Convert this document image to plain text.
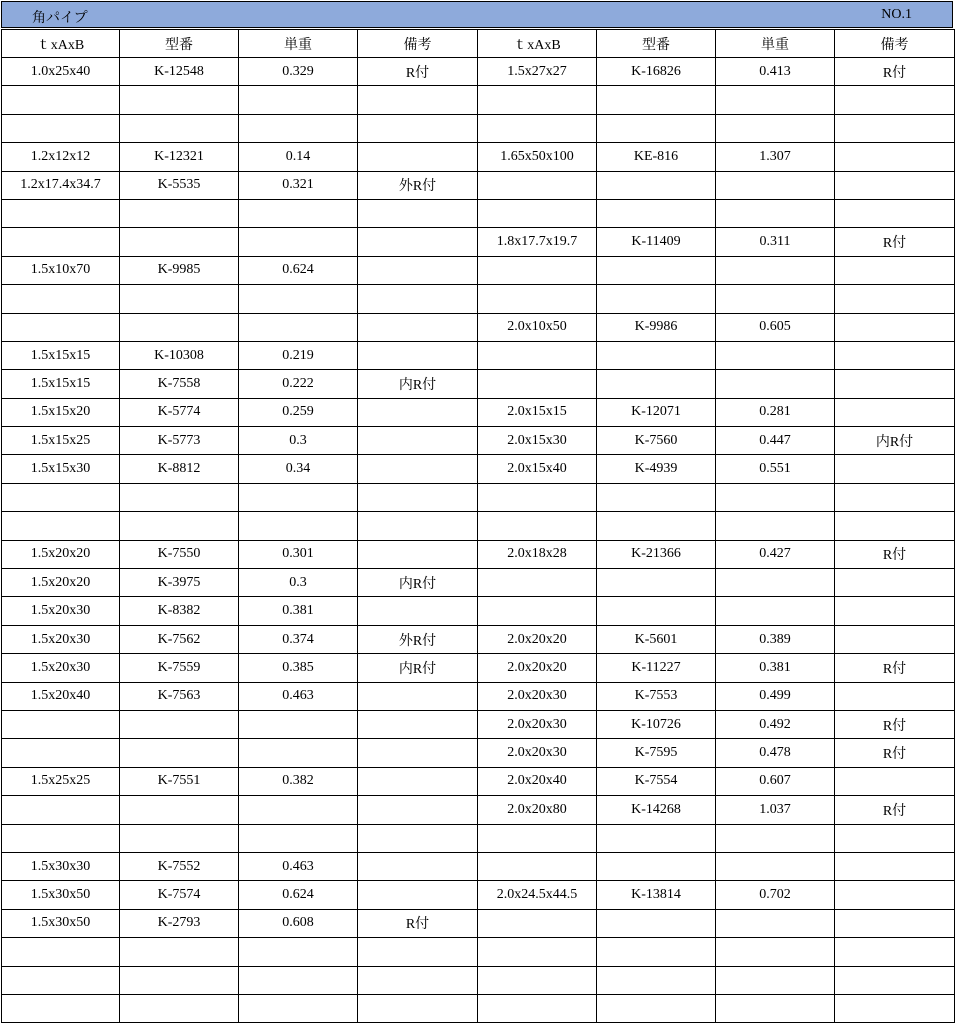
角パイプ	NO.1
ｔxAxB	型番	単重	備考	ｔxAxB	型番	単重	備考
1.0x25x40	K-12548	0.329	R付	1.5x27x27	K-16826	0.413	R付

1.2x12x12	K-12321	0.14		1.65x50x100	KE-816	1.307	
1.2x17.4x34.7	K-5535	0.321	外R付				

				1.8x17.7x19.7	K-11409	0.311	R付
1.5x10x70	K-9985	0.624					

				2.0x10x50	K-9986	0.605	
1.5x15x15	K-10308	0.219					
1.5x15x15	K-7558	0.222	内R付				
1.5x15x20	K-5774	0.259		2.0x15x15	K-12071	0.281	
1.5x15x25	K-5773	0.3		2.0x15x30	K-7560	0.447	内R付
1.5x15x30	K-8812	0.34		2.0x15x40	K-4939	0.551	

1.5x20x20	K-7550	0.301		2.0x18x28	K-21366	0.427	R付
1.5x20x20	K-3975	0.3	内R付				
1.5x20x30	K-8382	0.381					
1.5x20x30	K-7562	0.374	外R付	2.0x20x20	K-5601	0.389	
1.5x20x30	K-7559	0.385	内R付	2.0x20x20	K-11227	0.381	R付
1.5x20x40	K-7563	0.463		2.0x20x30	K-7553	0.499	
				2.0x20x30	K-10726	0.492	R付
				2.0x20x30	K-7595	0.478	R付
1.5x25x25	K-7551	0.382		2.0x20x40	K-7554	0.607	
				2.0x20x80	K-14268	1.037	R付

1.5x30x30	K-7552	0.463					
1.5x30x50	K-7574	0.624		2.0x24.5x44.5	K-13814	0.702	
1.5x30x50	K-2793	0.608	R付				
